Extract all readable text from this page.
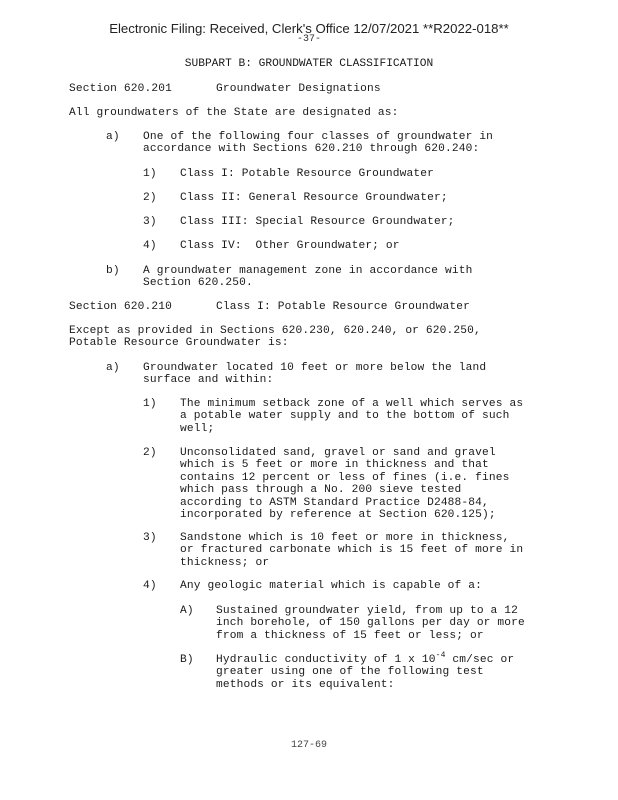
Electronic Filing: Received, Clerk's Office 12/07/2021 **R2022-018**
-37-
SUBPART B: GROUNDWATER CLASSIFICATION
Section 620.201	Groundwater Designations
All groundwaters of the State are designated as:
a) One of the following four classes of groundwater in
accordance with Sections 620.210 through 620.240:
1) Class I: Potable Resource Groundwater
2) Class II: General Resource Groundwater;
3) Class III: Special Resource Groundwater;
4) Class IV:  Other Groundwater; or
b) A groundwater management zone in accordance with
Section 620.250.
Section 620.210	Class I: Potable Resource Groundwater
Except as provided in Sections 620.230, 620.240, or 620.250,
Potable Resource Groundwater is:
a) Groundwater located 10 feet or more below the land
surface and within:
1) The minimum setback zone of a well which serves as
a potable water supply and to the bottom of such
well;
2) Unconsolidated sand, gravel or sand and gravel
which is 5 feet or more in thickness and that
contains 12 percent or less of fines (i.e. fines
which pass through a No. 200 sieve tested
according to ASTM Standard Practice D2488-84,
incorporated by reference at Section 620.125);
3) Sandstone which is 10 feet or more in thickness,
or fractured carbonate which is 15 feet of more in
thickness; or
4) Any geologic material which is capable of a:
A) Sustained groundwater yield, from up to a 12
inch borehole, of 150 gallons per day or more
from a thickness of 15 feet or less; or
B) Hydraulic conductivity of 1 x $10^{-4}$ cm/sec or
greater using one of the following test
methods or its equivalent:
127-69
